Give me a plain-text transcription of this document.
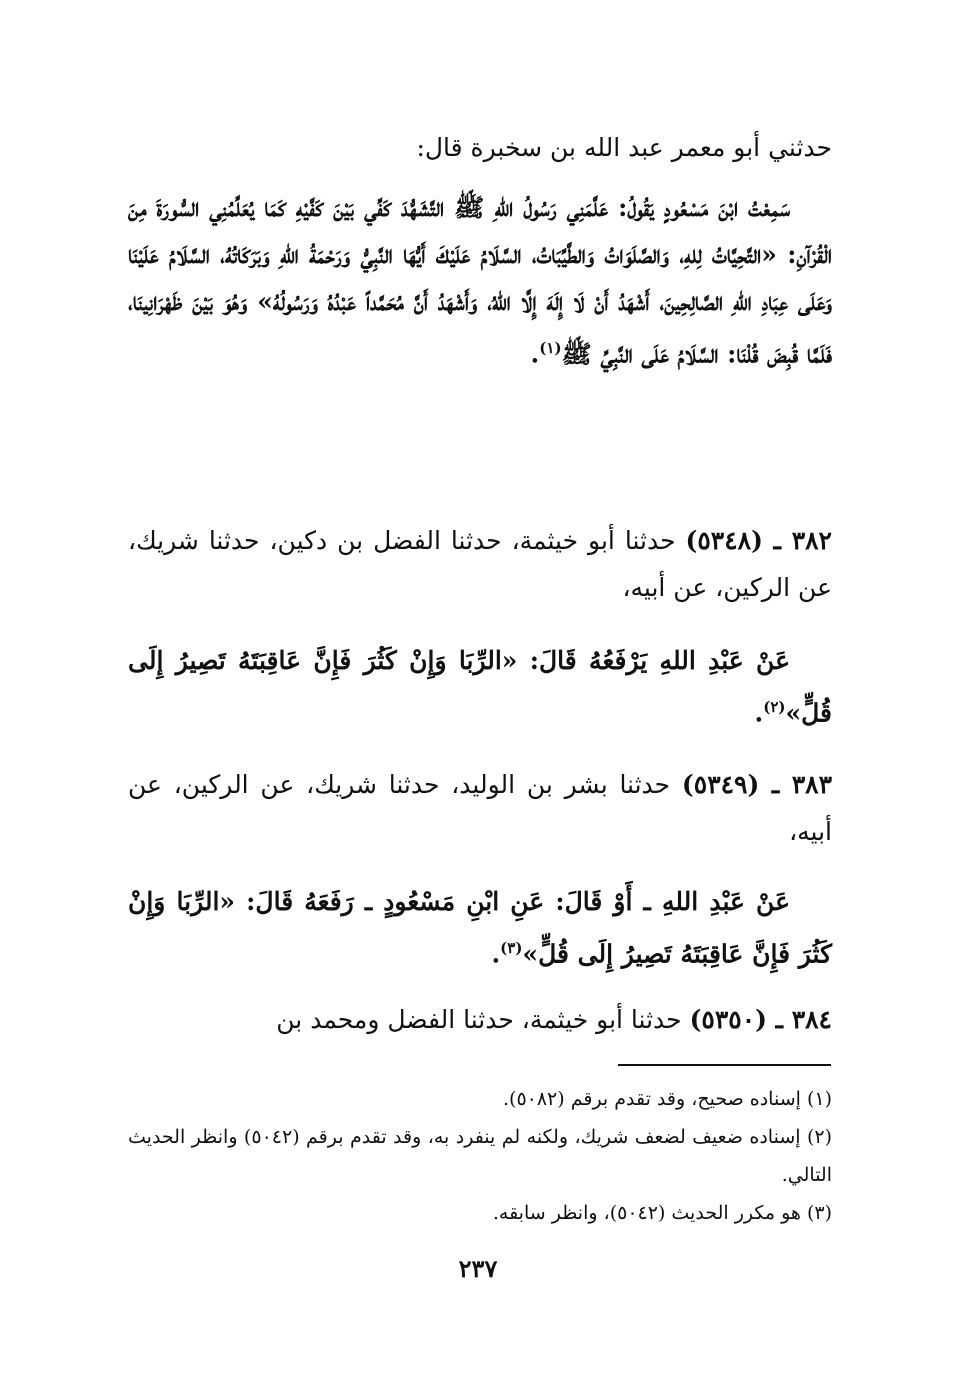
حدثني أبو معمر عبد الله بن سخبرة قال:
سَمِعْتُ ابْنَ مَسْعُودٍ يَقُولُ: عَلَّمَنِي رَسُولُ اللهِ ﷺ التَّشَهُّدَ كَفِّي بَيْنَ كَفَّيْهِ كَمَا يُعَلِّمُنِي السُّورَةَ مِنَ الْقُرْآنِ: «التَّحِيَّاتُ لِلهِ، وَالصَّلَوَاتُ وَالطَّيِّبَاتُ، السَّلَامُ عَلَيْكَ أَيُّهَا النَّبِيُّ وَرَحْمَةُ اللهِ وَبَرَكَاتُهُ، السَّلَامُ عَلَيْنَا وَعَلَى عِبَادِ اللهِ الصَّالِحِينَ، أَشْهَدُ أَنْ لَا إِلَهَ إِلَّا اللهُ، وَأَشْهَدُ أَنَّ مُحَمَّداً عَبْدُهُ وَرَسُولُهُ» وَهُوَ بَيْنَ ظَهْرَانِينَا، فَلَمَّا قُبِضَ قُلْنَا: السَّلَامُ عَلَى النَّبِيِّ ﷺ$^{(١)}$.
٣٨٢ ـ (٥٣٤٨) حدثنا أبو خيثمة، حدثنا الفضل بن دكين، حدثنا شريك، عن الركين، عن أبيه،
عَنْ عَبْدِ اللهِ يَرْفَعُهُ قَالَ: «الرِّبَا وَإِنْ كَثُرَ فَإِنَّ عَاقِبَتَهُ تَصِيرُ إِلَى قُلٍّ»$^{(٢)}$.
٣٨٣ ـ (٥٣٤٩) حدثنا بشر بن الوليد، حدثنا شريك، عن الركين، عن أبيه،
عَنْ عَبْدِ اللهِ ـ أَوْ قَالَ: عَنِ ابْنِ مَسْعُودٍ ـ رَفَعَهُ قَالَ: «الرِّبَا وَإِنْ كَثُرَ فَإِنَّ عَاقِبَتَهُ تَصِيرُ إِلَى قُلٍّ»$^{(٣)}$.
٣٨٤ ـ (٥٣٥٠) حدثنا أبو خيثمة، حدثنا الفضل ومحمد بن

(١) إسناده صحيح، وقد تقدم برقم (٥٠٨٢).

(٢) إسناده ضعيف لضعف شريك، ولكنه لم ينفرد به، وقد تقدم برقم (٥٠٤٢) وانظر الحديث التالي.

(٣) هو مكرر الحديث (٥٠٤٢)، وانظر سابقه.

٢٣٧
